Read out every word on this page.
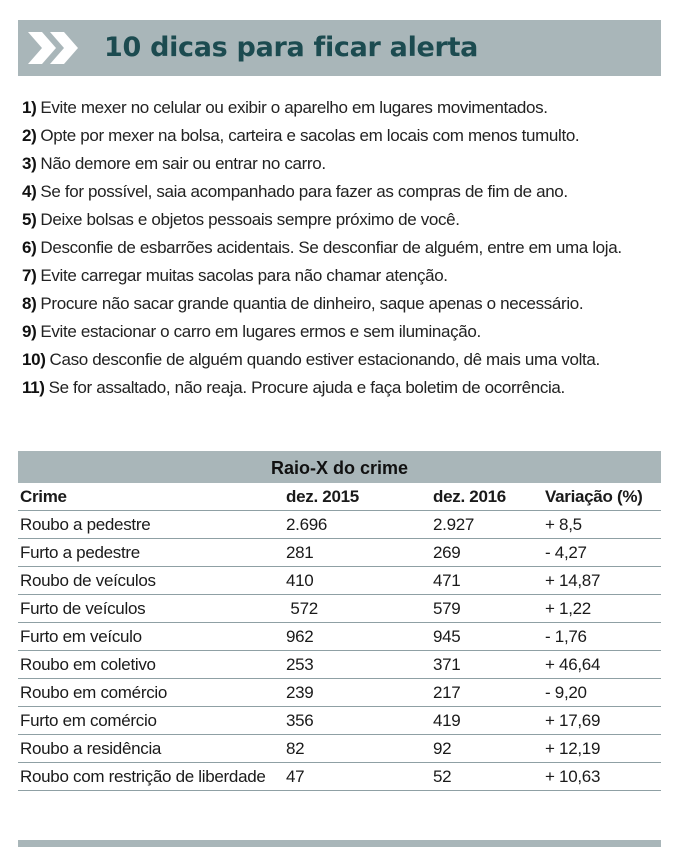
10 dicas para ficar alerta
1) Evite mexer no celular ou exibir o aparelho em lugares movimentados.
2) Opte por mexer na bolsa, carteira e sacolas em locais com menos tumulto.
3) Não demore em sair ou entrar no carro.
4) Se for possível, saia acompanhado para fazer as compras de fim de ano.
5) Deixe bolsas e objetos pessoais sempre próximo de você.
6) Desconfie de esbarrões acidentais. Se desconfiar de alguém, entre em uma loja.
7) Evite carregar muitas sacolas para não chamar atenção.
8) Procure não sacar grande quantia de dinheiro, saque apenas o necessário.
9) Evite estacionar o carro em lugares ermos e sem iluminação.
10) Caso desconfie de alguém quando estiver estacionando, dê mais uma volta.
11) Se for assaltado, não reaja. Procure ajuda e faça boletim de ocorrência.
Raio-X do crime
Crime	dez. 2015	dez. 2016	Variação (%)
Roubo a pedestre	2.696	2.927	+ 8,5
Furto a pedestre	281	269	- 4,27
Roubo de veículos	410	471	+ 14,87
Furto de veículos	572	579	+ 1,22
Furto em veículo	962	945	- 1,76
Roubo em coletivo	253	371	+ 46,64
Roubo em comércio	239	217	- 9,20
Furto em comércio	356	419	+ 17,69
Roubo a residência	82	92	+ 12,19
Roubo com restrição de liberdade	47	52	+ 10,63
